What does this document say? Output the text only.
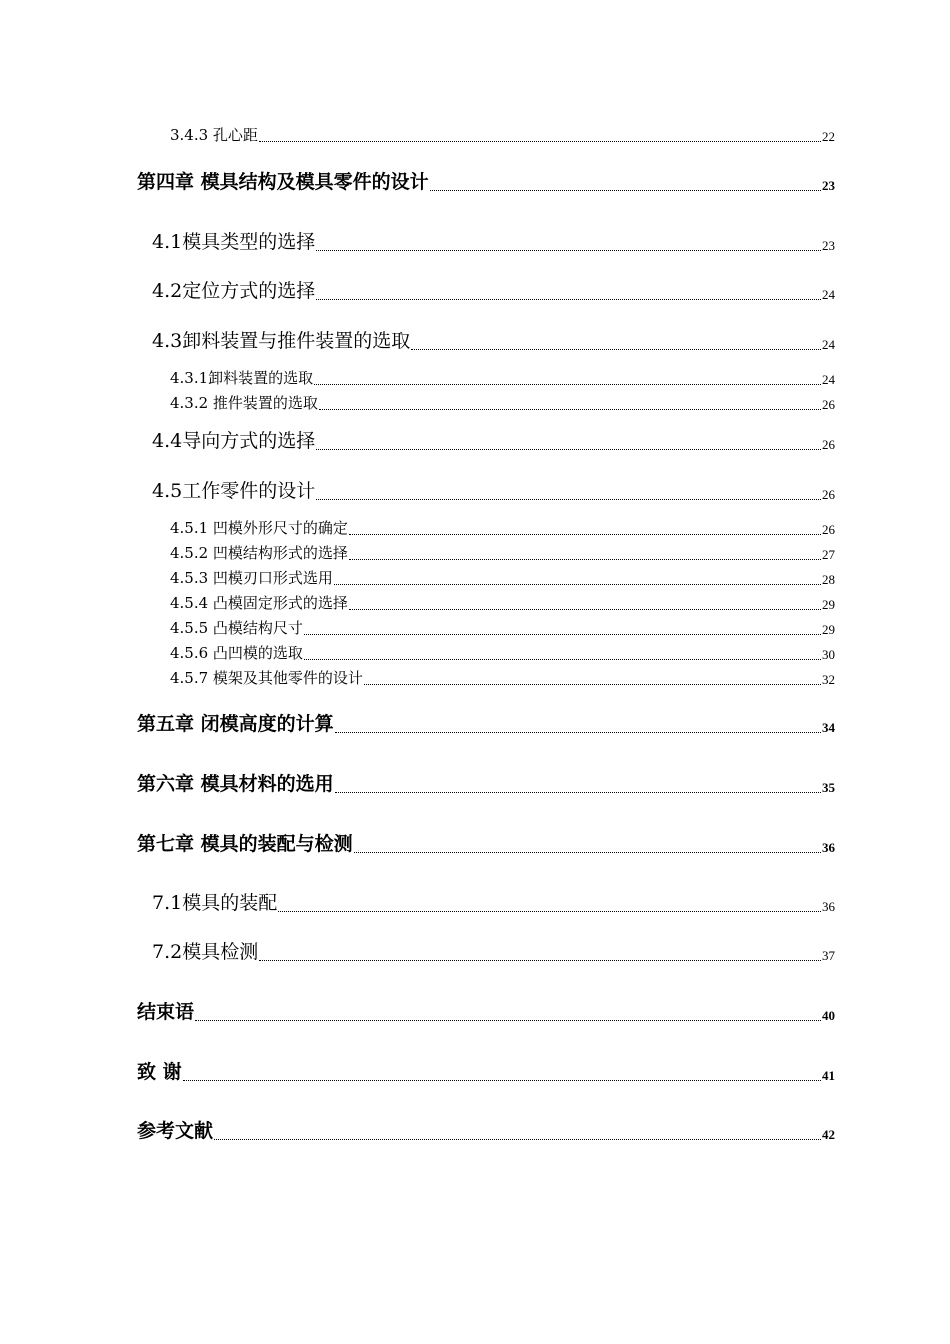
3.4.3 孔心距	22
第四章 模具结构及模具零件的设计	23
4.1模具类型的选择	23
4.2定位方式的选择	24
4.3卸料装置与推件装置的选取	24
4.3.1卸料装置的选取	24
4.3.2 推件装置的选取	26
4.4导向方式的选择	26
4.5工作零件的设计	26
4.5.1 凹模外形尺寸的确定	26
4.5.2 凹模结构形式的选择	27
4.5.3 凹模刃口形式选用	28
4.5.4 凸模固定形式的选择	29
4.5.5 凸模结构尺寸	29
4.5.6 凸凹模的选取	30
4.5.7 模架及其他零件的设计	32
第五章 闭模高度的计算	34
第六章 模具材料的选用	35
第七章 模具的装配与检测	36
7.1模具的装配	36
7.2模具检测	37
结束语	40
致 谢	41
参考文献	42
